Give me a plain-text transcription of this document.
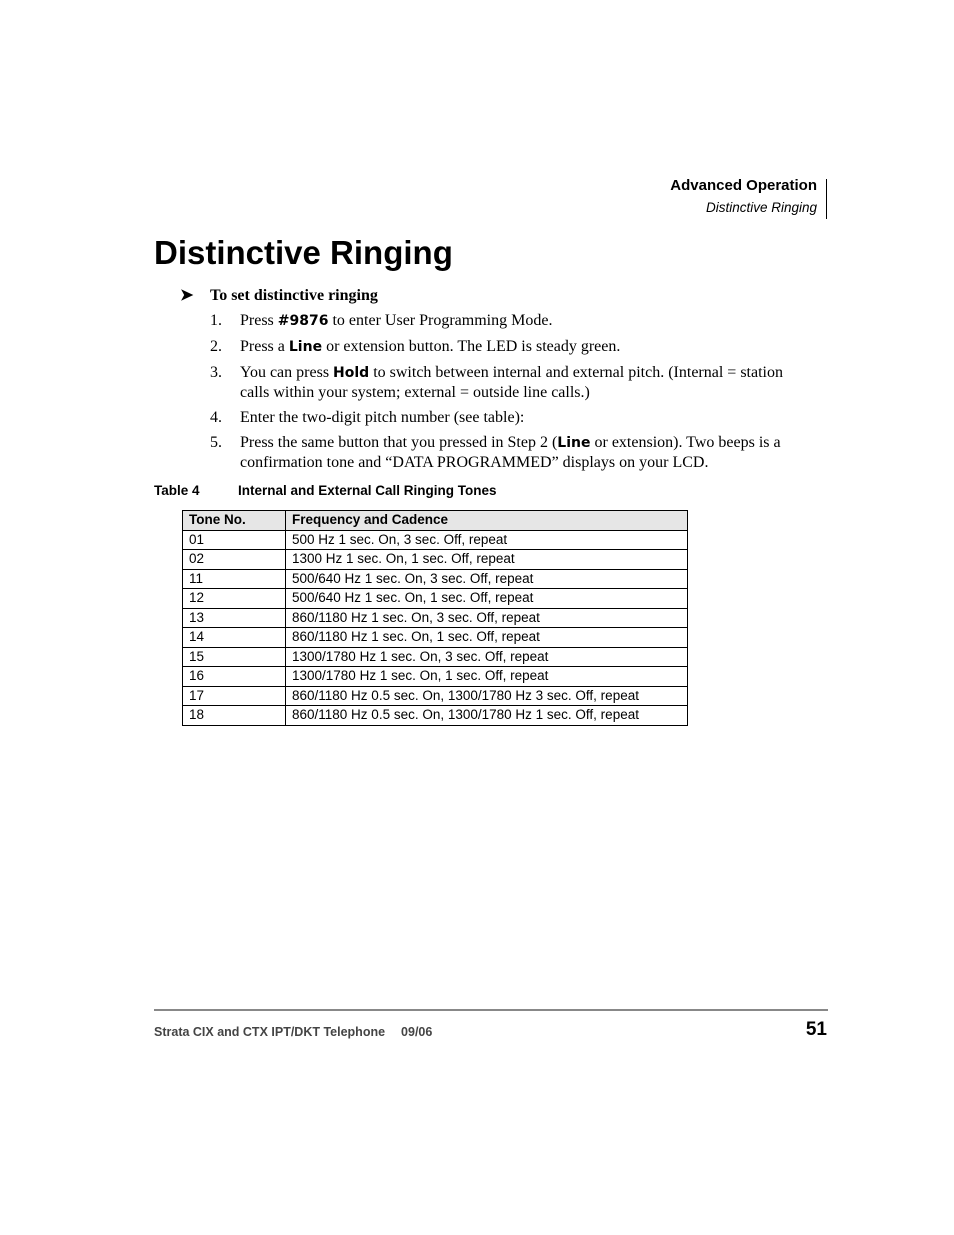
Advanced Operation
Distinctive Ringing
Distinctive Ringing
➤	To set distinctive ringing
1.	Press #9876 to enter User Programming Mode.
2.	Press a Line or extension button. The LED is steady green.
3.	You can press Hold to switch between internal and external pitch. (Internal = station calls within your system; external = outside line calls.)
4.	Enter the two-digit pitch number (see table):
5.	Press the same button that you pressed in Step 2 (Line or extension). Two beeps is a confirmation tone and “DATA PROGRAMMED” displays on your LCD.
Table 4	Internal and External Call Ringing Tones
Tone No.	Frequency and Cadence
01	500 Hz 1 sec. On, 3 sec. Off, repeat
02	1300 Hz 1 sec. On, 1 sec. Off, repeat
11	500/640 Hz 1 sec. On, 3 sec. Off, repeat
12	500/640 Hz 1 sec. On, 1 sec. Off, repeat
13	860/1180 Hz 1 sec. On, 3 sec. Off, repeat
14	860/1180 Hz 1 sec. On, 1 sec. Off, repeat
15	1300/1780 Hz 1 sec. On, 3 sec. Off, repeat
16	1300/1780 Hz 1 sec. On, 1 sec. Off, repeat
17	860/1180 Hz 0.5 sec. On, 1300/1780 Hz 3 sec. Off, repeat
18	860/1180 Hz 0.5 sec. On, 1300/1780 Hz 1 sec. Off, repeat
Strata CIX and CTX IPT/DKT Telephone 09/06	51
